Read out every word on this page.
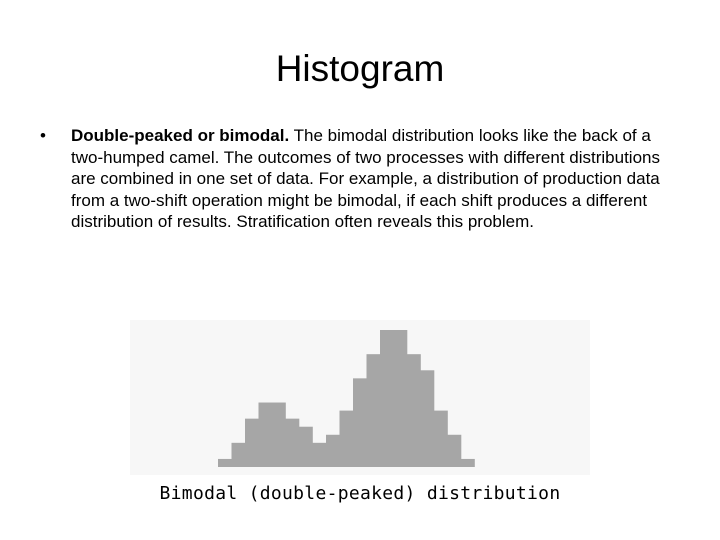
Histogram
•	Double-peaked or bimodal. The bimodal distribution looks like the back of a two-humped camel. The outcomes of two processes with different distributions are combined in one set of data. For example, a distribution of production data from a two-shift operation might be bimodal, if each shift produces a different distribution of results. Stratification often reveals this problem.
Bimodal (double-peaked) distribution
